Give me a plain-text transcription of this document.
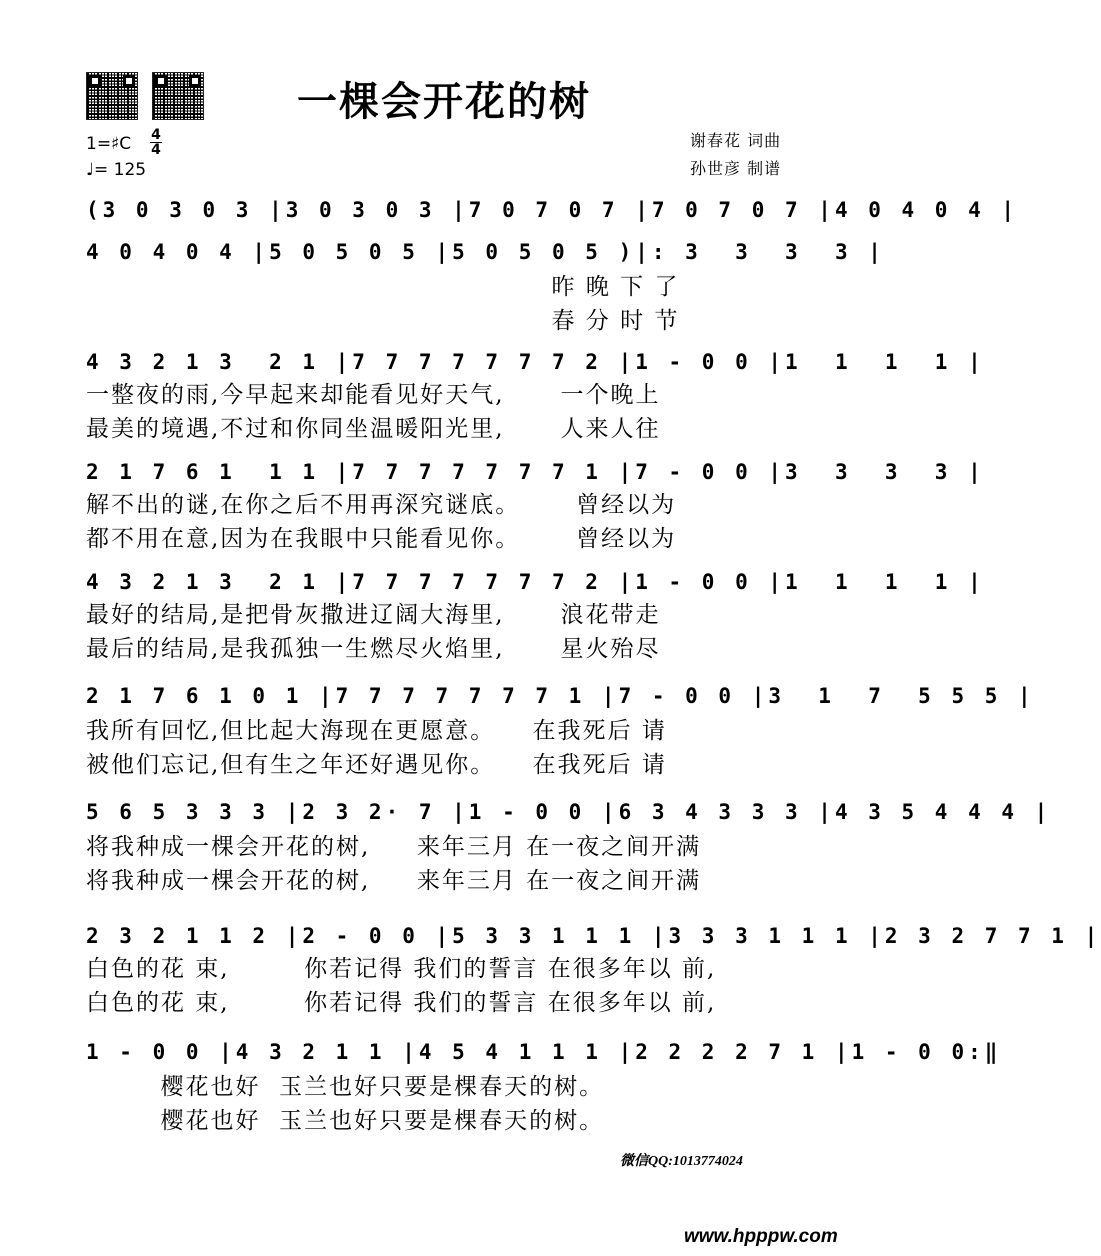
一棵会开花的树
1=♯C 4
4
♩= 125
谢春花 词曲
孙世彦 制谱
(3 0 3 0 3 |3 0 3 0 3 |7 0 7 0 7 |7 0 7 0 7 |4 0 4 0 4 |
4 0 4 0 4 |5 0 5 0 5 |5 0 5 0 5 )|: 3  3  3  3 |
昨 晚 下 了
春 分 时 节
4 3 2 1 3  2 1 |7 7 7 7 7 7 7 2 |1 - 0 0 |1  1  1  1 |
一整夜的雨,今早起来却能看见好天气,      一个晚上
最美的境遇,不过和你同坐温暖阳光里,      人来人往
2 1 7 6 1  1 1 |7 7 7 7 7 7 7 1 |7 - 0 0 |3  3  3  3 |
解不出的谜,在你之后不用再深究谜底。      曾经以为
都不用在意,因为在我眼中只能看见你。      曾经以为
4 3 2 1 3  2 1 |7 7 7 7 7 7 7 2 |1 - 0 0 |1  1  1  1 |
最好的结局,是把骨灰撒进辽阔大海里,      浪花带走
最后的结局,是我孤独一生燃尽火焰里,      星火殆尽
2 1 7 6 1 0 1 |7 7 7 7 7 7 7 1 |7 - 0 0 |3  1  7  5 5 5 |
我所有回忆,但比起大海现在更愿意。    在我死后 请
被他们忘记,但有生之年还好遇见你。    在我死后 请
5 6 5 3 3 3 |2 3 2· 7 |1 - 0 0 |6 3 4 3 3 3 |4 3 5 4 4 4 |
将我种成一棵会开花的树,     来年三月 在一夜之间开满
将我种成一棵会开花的树,     来年三月 在一夜之间开满
2 3 2 1 1 2 |2 - 0 0 |5 3 3 1 1 1 |3 3 3 1 1 1 |2 3 2 7 7 1 |
白色的花 束,        你若记得 我们的誓言 在很多年以 前,
白色的花 束,        你若记得 我们的誓言 在很多年以 前,
1 - 0 0 |4 3 2 1 1 |4 5 4 1 1 1 |2 2 2 2 7 1 |1 - 0 0:‖
樱花也好  玉兰也好只要是棵春天的树。
樱花也好  玉兰也好只要是棵春天的树。
微信QQ:1013774024
www.hpppw.com
